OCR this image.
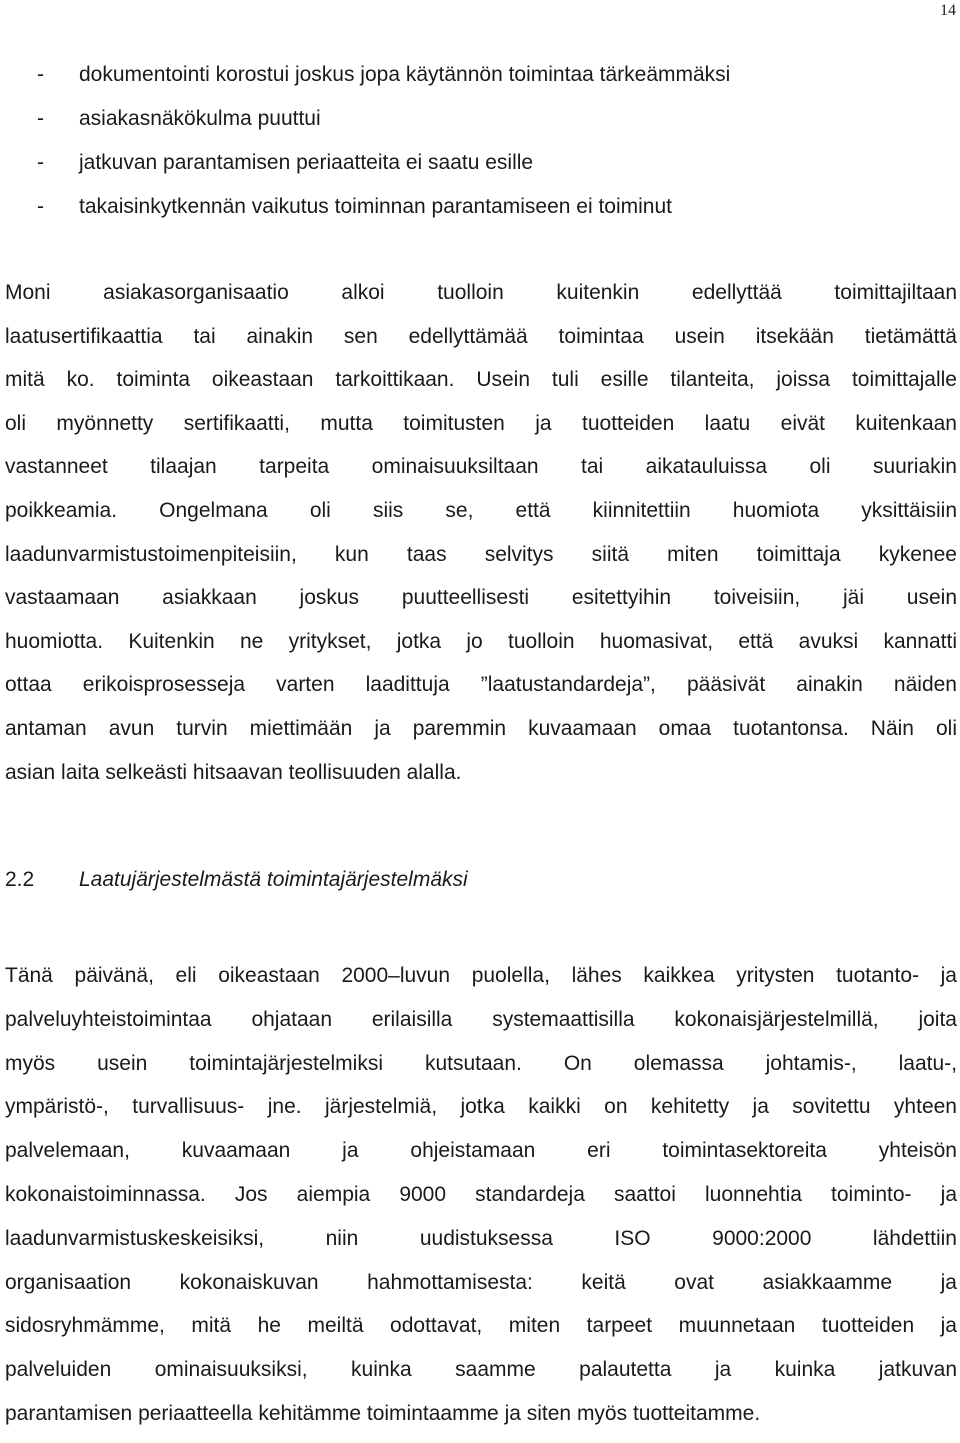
14
- dokumentointi korostui joskus jopa käytännön toimintaa tärkeämmäksi
- asiakasnäkökulma puuttui
- jatkuvan parantamisen periaatteita ei saatu esille
- takaisinkytkennän vaikutus toiminnan parantamiseen ei toiminut
Moni asiakasorganisaatio alkoi tuolloin kuitenkin edellyttää toimittajiltaan
laatusertifikaattia tai ainakin sen edellyttämää toimintaa usein itsekään tietämättä
mitä ko. toiminta oikeastaan tarkoittikaan. Usein tuli esille tilanteita, joissa toimittajalle
oli myönnetty sertifikaatti, mutta toimitusten ja tuotteiden laatu eivät kuitenkaan
vastanneet tilaajan tarpeita ominaisuuksiltaan tai aikatauluissa oli suuriakin
poikkeamia. Ongelmana oli siis se, että kiinnitettiin huomiota yksittäisiin
laadunvarmistustoimenpiteisiin, kun taas selvitys siitä miten toimittaja kykenee
vastaamaan asiakkaan joskus puutteellisesti esitettyihin toiveisiin, jäi usein
huomiotta. Kuitenkin ne yritykset, jotka jo tuolloin huomasivat, että avuksi kannatti
ottaa erikoisprosesseja varten laadittuja ”laatustandardeja”, pääsivät ainakin näiden
antaman avun turvin miettimään ja paremmin kuvaamaan omaa tuotantonsa. Näin oli
asian laita selkeästi hitsaavan teollisuuden alalla.
2.2 Laatujärjestelmästä toimintajärjestelmäksi
Tänä päivänä, eli oikeastaan 2000–luvun puolella, lähes kaikkea yritysten tuotanto- ja
palveluyhteistoimintaa ohjataan erilaisilla systemaattisilla kokonaisjärjestelmillä, joita
myös usein toimintajärjestelmiksi kutsutaan. On olemassa johtamis-, laatu-,
ympäristö-, turvallisuus- jne. järjestelmiä, jotka kaikki on kehitetty ja sovitettu yhteen
palvelemaan, kuvaamaan ja ohjeistamaan eri toimintasektoreita yhteisön
kokonaistoiminnassa. Jos aiempia 9000 standardeja saattoi luonnehtia toiminto- ja
laadunvarmistuskeskeisiksi, niin uudistuksessa ISO 9000:2000 lähdettiin
organisaation kokonaiskuvan hahmottamisesta: keitä ovat asiakkaamme ja
sidosryhmämme, mitä he meiltä odottavat, miten tarpeet muunnetaan tuotteiden ja
palveluiden ominaisuuksiksi, kuinka saamme palautetta ja kuinka jatkuvan
parantamisen periaatteella kehitämme toimintaamme ja siten myös tuotteitamme.
